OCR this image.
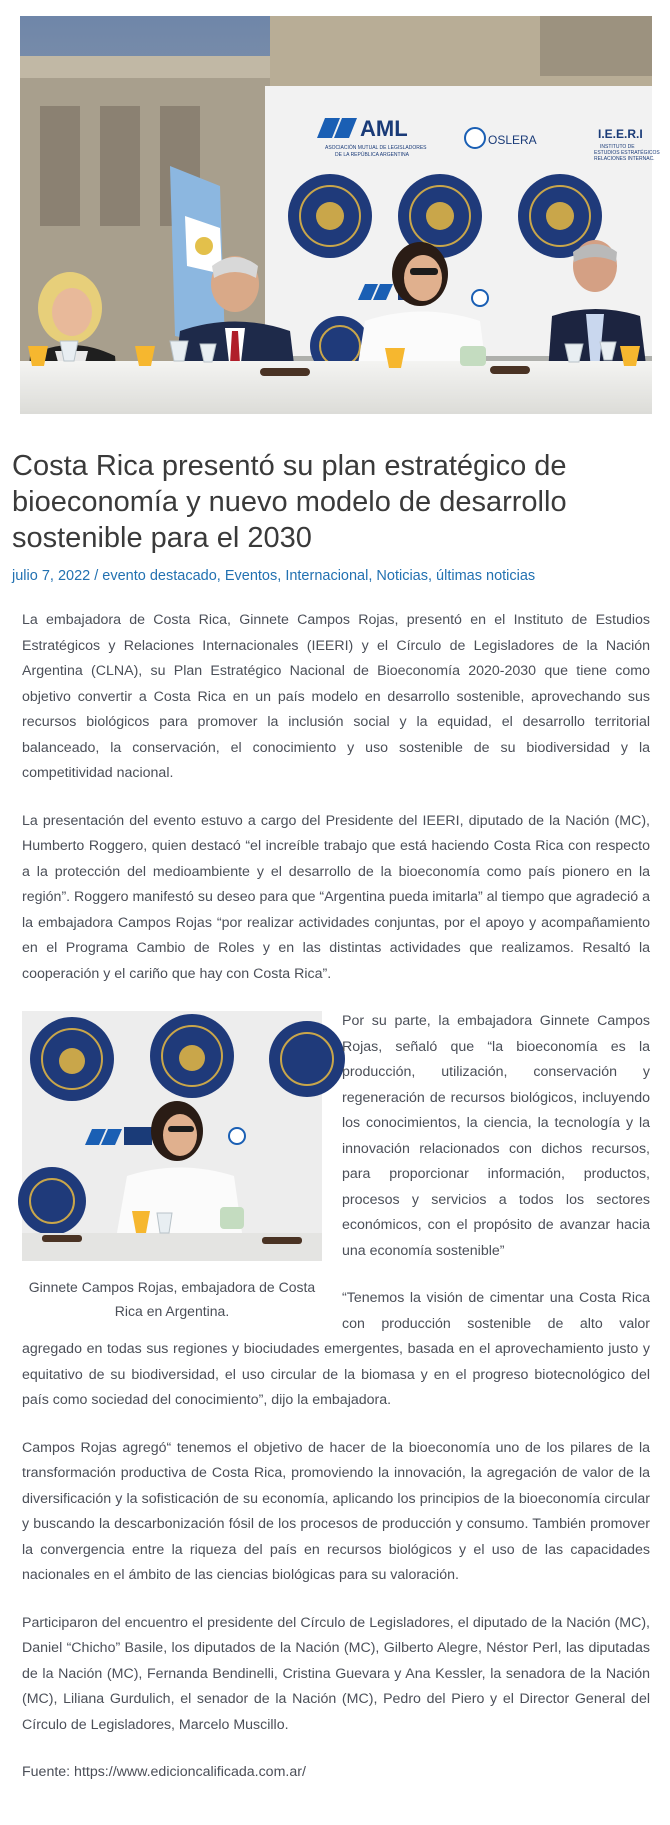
AML
ASOCIACIÓN MUTUAL DE LEGISLADORES
DE LA REPÚBLICA ARGENTINA
OSLERA	I.E.E.R.I
INSTITUTO DE
ESTUDIOS ESTRATÉGICOS
RELACIONES INTERNAC.
Costa Rica presentó su plan estratégico de bioeconomía y nuevo modelo de desarrollo sostenible para el 2030
julio 7, 2022 / evento destacado, Eventos, Internacional, Noticias, últimas noticias

La embajadora de Costa Rica, Ginnete Campos Rojas, presentó en el Instituto de Estudios Estratégicos y Relaciones Internacionales (IEERI) y el Círculo de Legisladores de la Nación Argentina (CLNA), su Plan Estratégico Nacional de Bioeconomía 2020-2030 que tiene como objetivo convertir a Costa Rica en un país modelo en desarrollo sostenible, aprovechando sus recursos biológicos para promover la inclusión social y la equidad, el desarrollo territorial balanceado, la conservación, el conocimiento y uso sostenible de su biodiversidad y la competitividad nacional.

La presentación del evento estuvo a cargo del Presidente del IEERI, diputado de la Nación (MC), Humberto Roggero, quien destacó “el increíble trabajo que está haciendo Costa Rica con respecto a la protección del medioambiente y el desarrollo de la bioeconomía como país pionero en la región”. Roggero manifestó su deseo para que “Argentina pueda imitarla” al tiempo que agradeció a la embajadora Campos Rojas “por realizar actividades conjuntas, por el apoyo y acompañamiento en el Programa Cambio de Roles y en las distintas actividades que realizamos. Resaltó la cooperación y el cariño que hay con Costa Rica”.

Ginnete Campos Rojas, embajadora de Costa Rica en Argentina.

Por su parte, la embajadora Ginnete Campos Rojas, señaló que “la bioeconomía es la producción, utilización, conservación y regeneración de recursos biológicos, incluyendo los conocimientos, la ciencia, la tecnología y la innovación relacionados con dichos recursos, para proporcionar información, productos, procesos y servicios a todos los sectores económicos, con el propósito de avanzar hacia una economía sostenible”

“Tenemos la visión de cimentar una Costa Rica con producción sostenible de alto valor agregado en todas sus regiones y biociudades emergentes, basada en el aprovechamiento justo y equitativo de su biodiversidad, el uso circular de la biomasa y en el progreso biotecnológico del país como sociedad del conocimiento”, dijo la embajadora.

Campos Rojas agregó“ tenemos el objetivo de hacer de la bioeconomía uno de los pilares de la transformación productiva de Costa Rica, promoviendo la innovación, la agregación de valor de la diversificación y la sofisticación de su economía, aplicando los principios de la bioeconomía circular y buscando la descarbonización fósil de los procesos de producción y consumo. También promover la convergencia entre la riqueza del país en recursos biológicos y el uso de las capacidades nacionales en el ámbito de las ciencias biológicas para su valoración.

Participaron del encuentro el presidente del Círculo de Legisladores, el diputado de la Nación (MC), Daniel “Chicho” Basile, los diputados de la Nación (MC), Gilberto Alegre, Néstor Perl, las diputadas de la Nación (MC), Fernanda Bendinelli, Cristina Guevara y Ana Kessler, la senadora de la Nación (MC), Liliana Gurdulich, el senador de la Nación (MC), Pedro del Piero y el Director General del Círculo de Legisladores, Marcelo Muscillo.

Fuente: https://www.edicioncalificada.com.ar/
